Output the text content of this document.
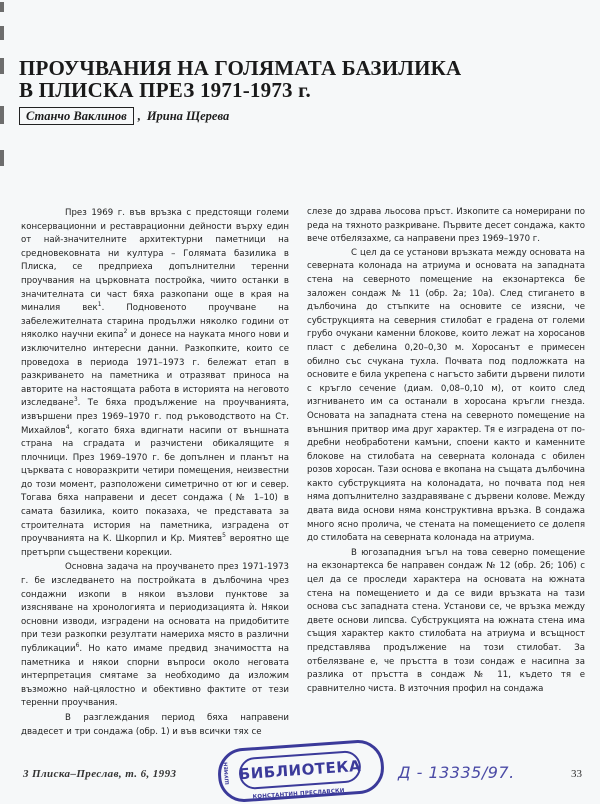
ПРОУЧВАНИЯ НА ГОЛЯМАТА БАЗИЛИКА
В ПЛИСКА ПРЕЗ 1971-1973 г.
Станчо Ваклинов , Ирина Щерева

През 1969 г. във връзка с предстоящи големи консервационни и реставрационни дейности върху един от най-значителните архитектурни паметници на средновековната ни култура – Голямата базилика в Плиска, се предприеха допълнителни теренни проучвания на църковната постройка, чиито останки в значителната си част бяха разкопани още в края на миналия век$^1$. Подновеното проучване на забележителната старина продължи няколко години от няколко научни екипа$^2$ и донесе на науката много нови и изключително интересни данни. Разкопките, които се проведоха в периода 1971–1973 г. бележат етап в разкриването на паметника и отразяват приноса на авторите на настоящата работа в историята на неговото изследване$^3$. Те бяха продължение на проучванията, извършени през 1969–1970 г. под ръководството на Ст. Михайлов$^4$, когато бяха вдигнати насипи от външната страна на сградата и разчистени обикалящите я плочници. През 1969–1970 г. бе допълнен и планът на църквата с новоразкрити четири помещения, неизвестни до този момент, разположени симетрично от юг и север. Тогава бяха направени и десет сондажа (№ 1–10) в самата базилика, които показаха, че представата за строителната история на паметника, изградена от проучванията на К. Шкорпил и Кр. Миятев$^5$ вероятно ще претърпи съществени корекции.

Основна задача на проучването през 1971-1973 г. бе изследването на постройката в дълбочина чрез сондажни изкопи в някои възлови пунктове за изясняване на хронологията и периодизацията ѝ. Някои основни изводи, изградени на основата на придобитите при тези разкопки резултати намериха място в различни публикации$^6$. Но като имаме предвид значимостта на паметника и някои спорни въпроси около неговата интерпретация смятаме за необходимо да изложим възможно най-цялостно и обективно фактите от тези теренни проучвания.

В разглеждания период бяха направени двадесет и три сондажа (обр. 1) и във всички тях се

слезе до здрава льосова пръст. Изкопите са номерирани по реда на тяхното разкриване. Първите десет сондажа, както вече отбелязахме, са направени през 1969–1970 г.

С цел да се установи връзката между основата на северната колонада на атриума и основата на западната стена на северното помещение на екзонартекса бе заложен сондаж № 11 (обр. 2а; 10а). След стигането в дълбочина до стъпките на основите се изясни, че субструкцията на северния стилобат е градена от големи грубо очукани каменни блокове, които лежат на хоросанов пласт с дебелина 0,20–0,30 м. Хоросанът е примесен обилно със счукана тухла. Почвата под подложката на основите е била укрепена с нагъсто забити дървени пилоти с кръгло сечение (диам. 0,08–0,10 м), от които след изгниването им са останали в хоросана кръгли гнезда. Основата на западната стена на северното помещение на външния притвор има друг характер. Тя е изградена от по-дребни необработени камъни, споени както и каменните блокове на стилобата на северната колонада с обилен розов хоросан. Тази основа е вкопана на същата дълбочина както субструкцията на колонадата, но почвата под нея няма допълнително заздравяване с дървени колове. Между двата вида основи няма конструктивна връзка. В сондажа много ясно пролича, че стената на помещението се долепя до стилобата на северната колонада на атриума.

В югозападния ъгъл на това северно помещение на екзонартекса бе направен сондаж № 12 (обр. 2б; 10б) с цел да се проследи характера на основата на южната стена на помещението и да се види връзката на тази основа със западната стена. Установи се, че връзка между двете основи липсва. Субструкцията на южната стена има същия характер както стилобата на атриума и всъщност представлява продължение на този стилобат. За отбелязване е, че пръстта в този сондаж е насипна за разлика от пръстта в сондаж № 11, където тя е сравнително чиста. В източния профил на сондажа

3 Плиска–Преслав, т. 6, 1993	33
ШУМЕН БИБЛИОТЕКА
КОНСТАНТИН ПРЕСЛАВСКИ
Д - 13335/97.
